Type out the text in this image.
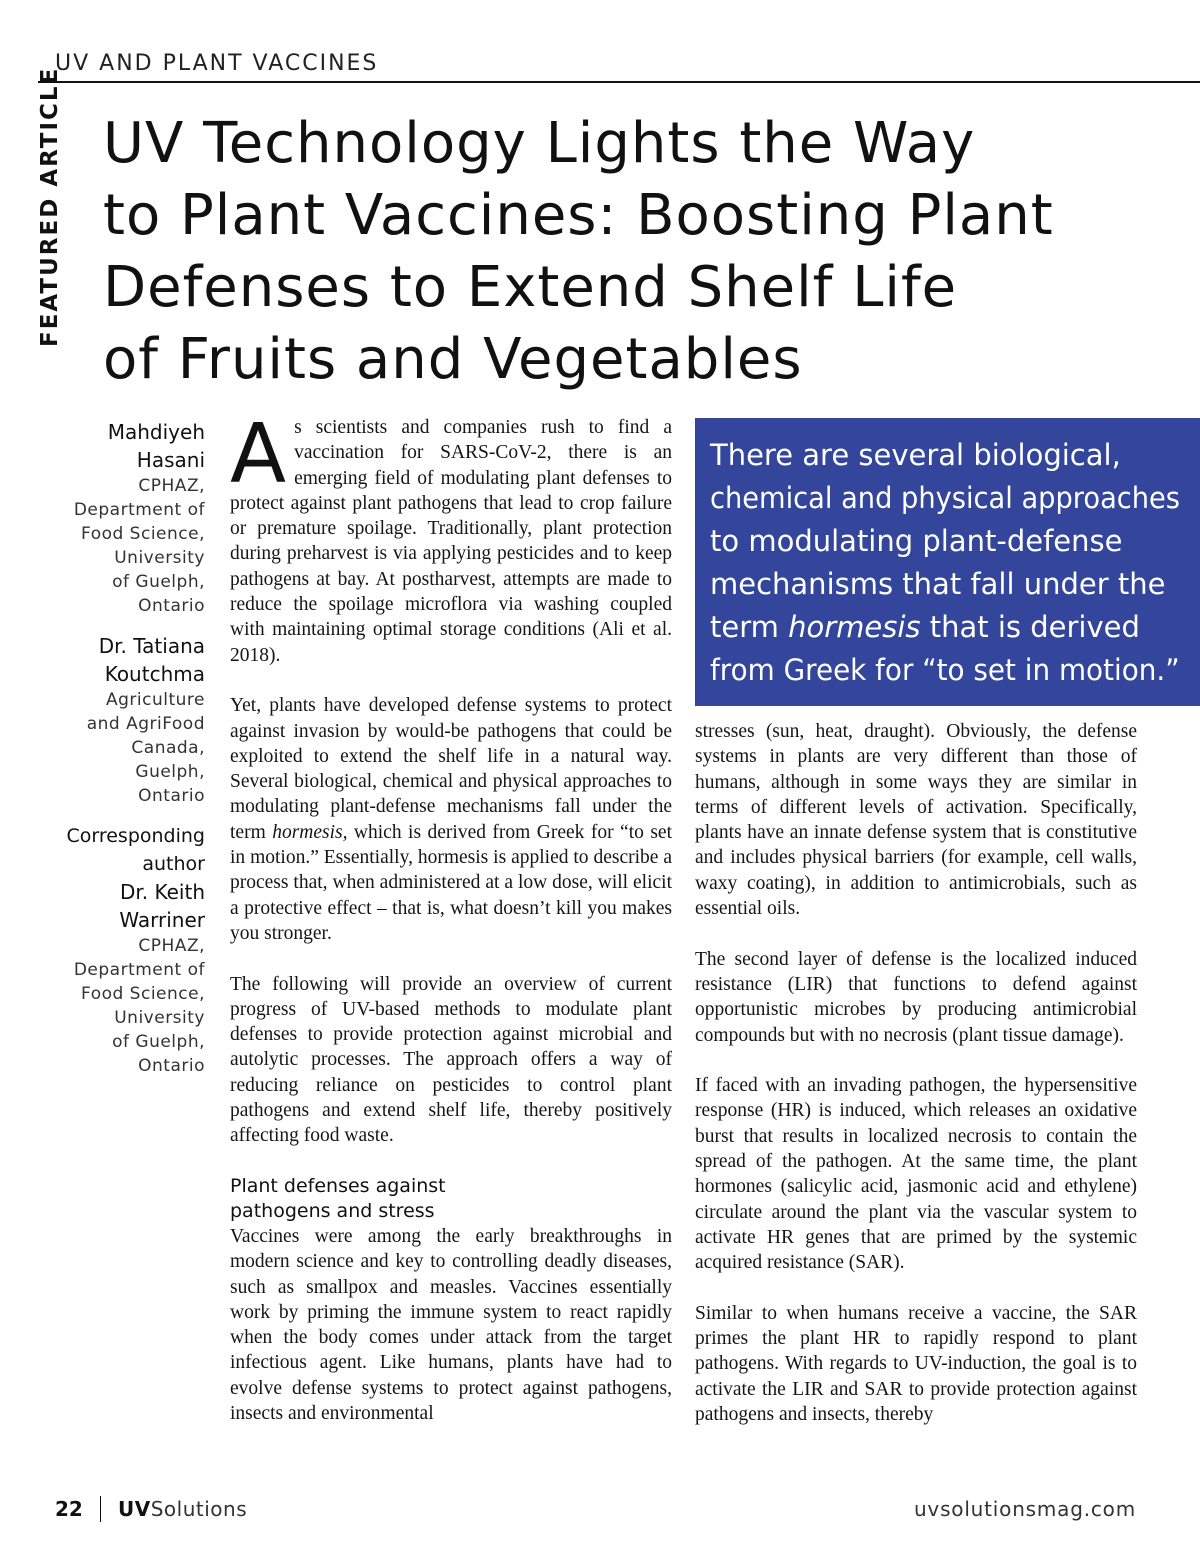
UV AND PLANT VACCINES
FEATURED ARTICLE UV Technology Lights the Way
to Plant Vaccines: Boosting Plant
Defenses to Extend Shelf Life
of Fruits and Vegetables
Mahdiyeh
Hasani
CPHAZ,
Department of
Food Science,
University
of Guelph,
Ontario
Dr. Tatiana
Koutchma
Agriculture
and AgriFood
Canada,
Guelph,
Ontario
Corresponding
author
Dr. Keith
Warriner
CPHAZ,
Department of
Food Science,
University
of Guelph,
Ontario

As scientists and companies rush to find a vaccination for SARS-CoV-2, there is an emerging field of modulating plant defenses to protect against plant pathogens that lead to crop failure or premature spoilage. Traditionally, plant protection during preharvest is via applying pesticides and to keep pathogens at bay. At postharvest, attempts are made to reduce the spoilage microflora via washing coupled with maintaining optimal storage conditions (Ali et al. 2018).

Yet, plants have developed defense systems to protect against invasion by would-be pathogens that could be exploited to extend the shelf life in a natural way. Several biological, chemical and physical approaches to modulating plant-defense mechanisms fall under the term hormesis, which is derived from Greek for “to set in motion.” Essentially, hormesis is applied to describe a process that, when administered at a low dose, will elicit a protective effect – that is, what doesn’t kill you makes you stronger.

The following will provide an overview of current progress of UV-based methods to modulate plant defenses to provide protection against microbial and autolytic processes. The approach offers a way of reducing reliance on pesticides to control plant pathogens and extend shelf life, thereby positively affecting food waste.

Plant defenses against
pathogens and stress

Vaccines were among the early breakthroughs in modern science and key to controlling deadly diseases, such as smallpox and measles. Vaccines essentially work by priming the immune system to react rapidly when the body comes under attack from the target infectious agent. Like humans, plants have had to evolve defense systems to protect against pathogens, insects and environmental

There are several biological,
chemical and physical approaches
to modulating plant-defense
mechanisms that fall under the
term hormesis that is derived
from Greek for “to set in motion.”

stresses (sun, heat, draught). Obviously, the defense systems in plants are very different than those of humans, although in some ways they are similar in terms of different levels of activation. Specifically, plants have an innate defense system that is constitutive and includes physical barriers (for example, cell walls, waxy coating), in addition to antimicrobials, such as essential oils.

The second layer of defense is the localized induced resistance (LIR) that functions to defend against opportunistic microbes by producing antimicrobial compounds but with no necrosis (plant tissue damage).

If faced with an invading pathogen, the hypersensitive response (HR) is induced, which releases an oxidative burst that results in localized necrosis to contain the spread of the pathogen. At the same time, the plant hormones (salicylic acid, jasmonic acid and ethylene) circulate around the plant via the vascular system to activate HR genes that are primed by the systemic acquired resistance (SAR).

Similar to when humans receive a vaccine, the SAR primes the plant HR to rapidly respond to plant pathogens. With regards to UV-induction, the goal is to activate the LIR and SAR to provide protection against pathogens and insects, thereby

22 UVSolutions	uvsolutionsmag.com
